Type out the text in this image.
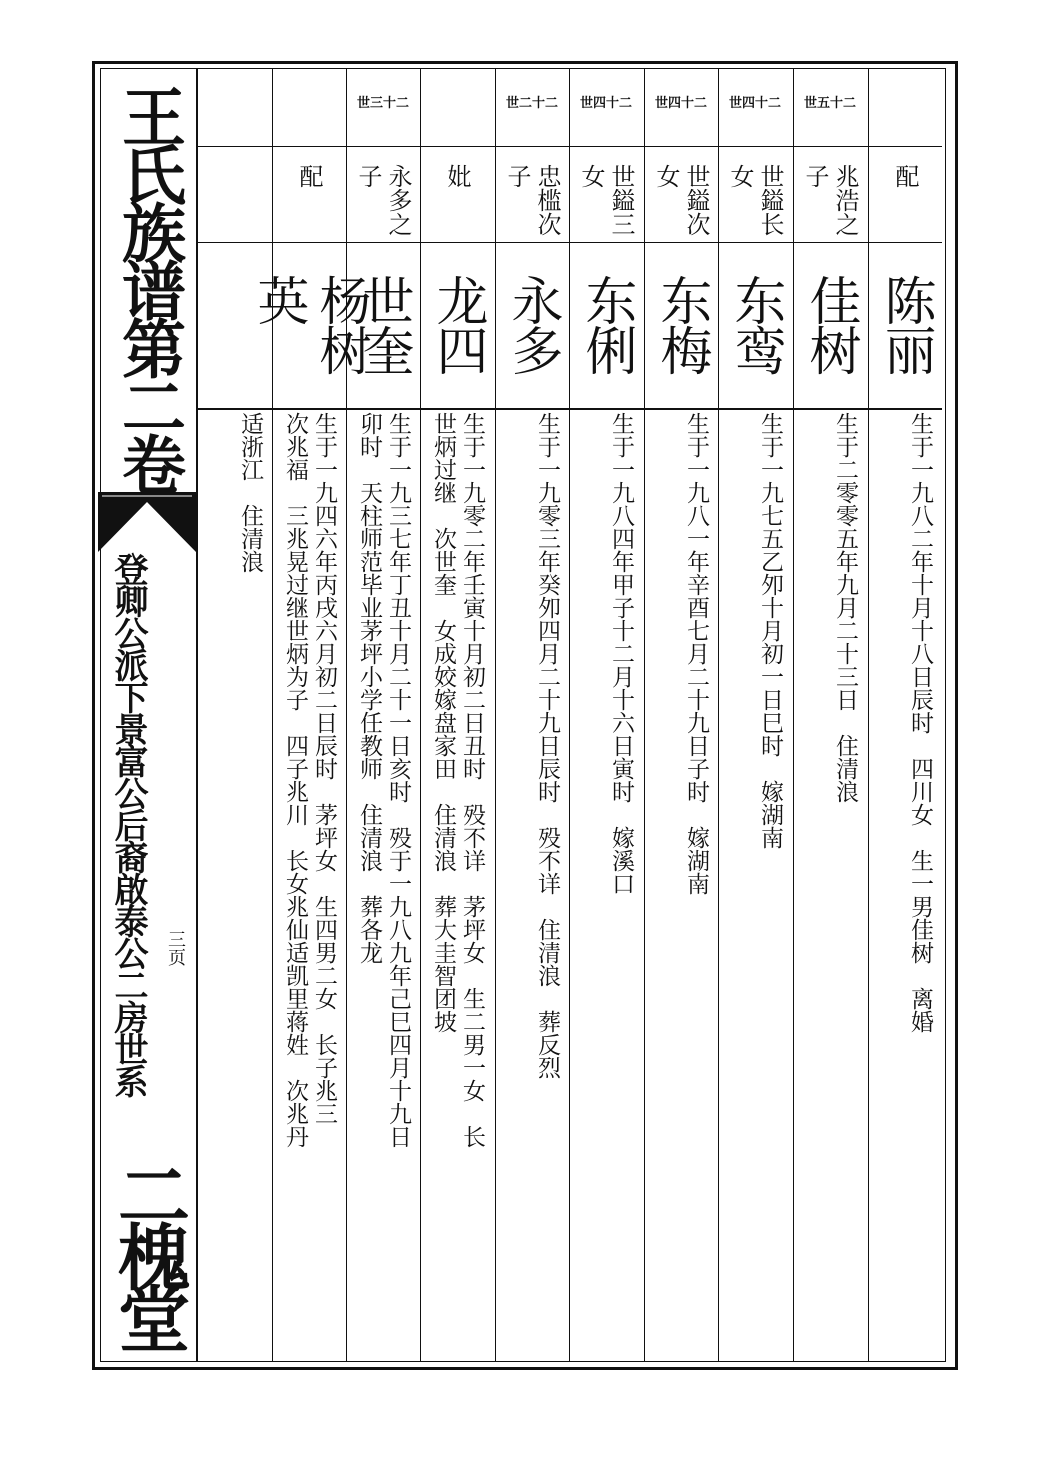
王氏族谱第二卷
登卿公派下景富公后裔啟泰公二房世系 三页
二槐堂
适浙江　住清浪
配
杨树英
生于一九四六年丙戌六月初二日辰时　茅坪女　生四男二女　长子兆三
次兆福　三兆晃过继世炳为子　四子兆川　长女兆仙适凯里蒋姓　次兆丹
世三十二
永多之子
世奎
生于一九三七年丁丑十月二十一日亥时　殁于一九八九年己巳四月十九日
卯时　天柱师范毕业茅坪小学任教师　住清浪　葬各龙
妣
龙四
生于一九零二年壬寅十月初二日丑时　殁不详　茅坪女　生二男一女　长
世炳过继　次世奎　女成姣嫁盘家田　住清浪　葬大圭智团坡
世二十二
忠槛次子
永多
生于一九零三年癸夘四月二十九日辰时　殁不详　住清浪　葬反烈
世四十二
世鎰三女
东俐
生于一九八四年甲子十二月十六日寅时　嫁溪口
世四十二
世鎰次女
东梅
生于一九八一年辛酉七月二十九日子时　嫁湖南
世四十二
世鎰长女
东鸾
生于一九七五乙夘十月初一日巳时　嫁湖南
世五十二
兆浩之子
佳树
生于二零零五年九月二十三日　住清浪
配
陈丽
生于一九八二年十月十八日辰时　四川女　生一男佳树　离婚
